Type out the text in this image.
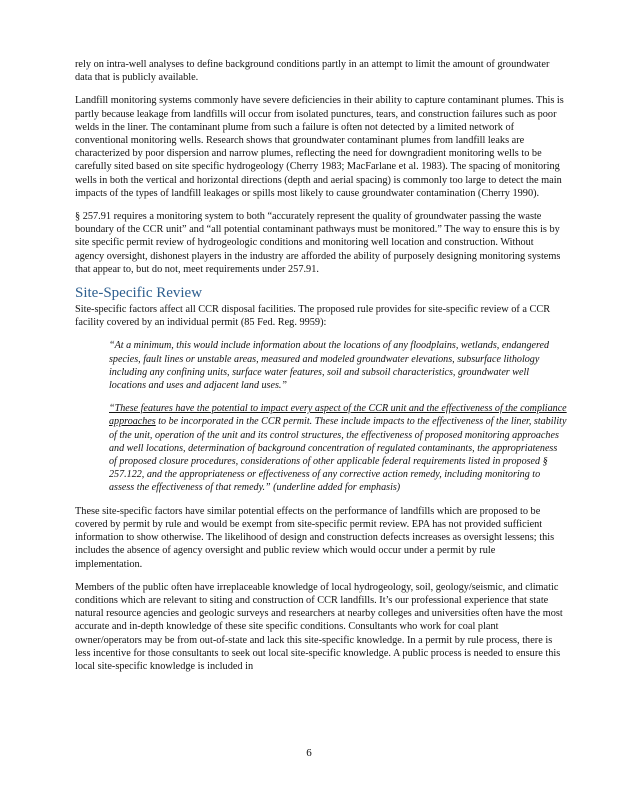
rely on intra-well analyses to define background conditions partly in an attempt to limit the amount of groundwater data that is publicly available.

Landfill monitoring systems commonly have severe deficiencies in their ability to capture contaminant plumes. This is partly because leakage from landfills will occur from isolated punctures, tears, and construction failures such as poor welds in the liner. The contaminant plume from such a failure is often not detected by a limited network of conventional monitoring wells. Research shows that groundwater contaminant plumes from landfill leaks are characterized by poor dispersion and narrow plumes, reflecting the need for downgradient monitoring wells to be carefully sited based on site specific hydrogeology (Cherry 1983; MacFarlane et al. 1983). The spacing of monitoring wells in both the vertical and horizontal directions (depth and aerial spacing) is commonly too large to detect the main impacts of the types of landfill leakages or spills most likely to cause groundwater contamination (Cherry 1990).

§ 257.91 requires a monitoring system to both “accurately represent the quality of groundwater passing the waste boundary of the CCR unit” and “all potential contaminant pathways must be monitored.” The way to ensure this is by site specific permit review of hydrogeologic conditions and monitoring well location and construction. Without agency oversight, dishonest players in the industry are afforded the ability of purposely designing monitoring systems that appear to, but do not, meet requirements under 257.91.

Site-Specific Review

Site-specific factors affect all CCR disposal facilities. The proposed rule provides for site-specific review of a CCR facility covered by an individual permit (85 Fed. Reg. 9959):

“At a minimum, this would include information about the locations of any floodplains, wetlands, endangered species, fault lines or unstable areas, measured and modeled groundwater elevations, subsurface lithology including any confining units, surface water features, soil and subsoil characteristics, groundwater well locations and uses and adjacent land uses.”

“These features have the potential to impact every aspect of the CCR unit and the effectiveness of the compliance approaches to be incorporated in the CCR permit. These include impacts to the effectiveness of the liner, stability of the unit, operation of the unit and its control structures, the effectiveness of proposed monitoring approaches and well locations, determination of background concentration of regulated contaminants, the appropriateness of proposed closure procedures, considerations of other applicable federal requirements listed in proposed § 257.122, and the appropriateness or effectiveness of any corrective action remedy, including monitoring to assess the effectiveness of that remedy.” (underline added for emphasis)

These site-specific factors have similar potential effects on the performance of landfills which are proposed to be covered by permit by rule and would be exempt from site-specific permit review. EPA has not provided sufficient information to show otherwise. The likelihood of design and construction defects increases as oversight lessens; this includes the absence of agency oversight and public review which would occur under a permit by rule implementation.

Members of the public often have irreplaceable knowledge of local hydrogeology, soil, geology/seismic, and climatic conditions which are relevant to siting and construction of CCR landfills. It’s our professional experience that state natural resource agencies and geologic surveys and researchers at nearby colleges and universities often have the most accurate and in-depth knowledge of these site specific conditions. Consultants who work for coal plant owner/operators may be from out-of-state and lack this site-specific knowledge. In a permit by rule process, there is less incentive for those consultants to seek out local site-specific knowledge. A public process is needed to ensure this local site-specific knowledge is included in

6
